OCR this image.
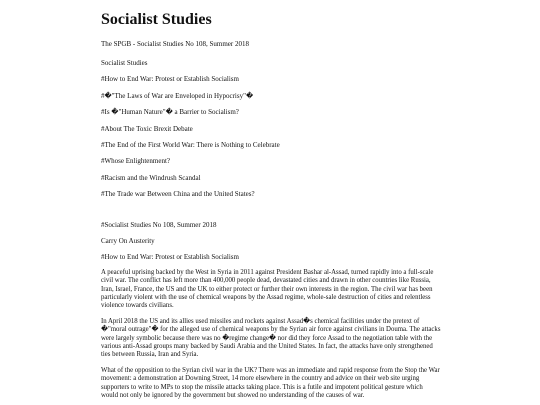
Socialist Studies
The SPGB - Socialist Studies No 108, Summer 2018
Socialist Studies
#How to End War: Protest or Establish Socialism
#�"The Laws of War are Enveloped in Hypocrisy"�
#Is �"Human Nature"� a Barrier to Socialism?
#About The Toxic Brexit Debate
#The End of the First World War: There is Nothing to Celebrate
#Whose Enlightenment?
#Racism and the Windrush Scandal
#The Trade war Between China and the United States?
#Socialist Studies No 108, Summer 2018
Carry On Austerity
#How to End War: Protest or Establish Socialism

A peaceful uprising backed by the West in Syria in 2011 against President Bashar al-Assad, turned rapidly into a full-scale civil war. The conflict has left more than 400,000 people dead, devastated cities and drawn in other countries like Russia, Iran, Israel, France, the US and the UK to either protect or further their own interests in the region. The civil war has been particularly violent with the use of chemical weapons by the Assad regime, whole-sale destruction of cities and relentless violence towards civilians.

In April 2018 the US and its allies used missiles and rockets against Assad�s chemical facilities under the pretext of �"moral outrage"� for the alleged use of chemical weapons by the Syrian air force against civilians in Douma. The attacks were largely symbolic because there was no �regime change� nor did they force Assad to the negotiation table with the various anti-Assad groups many backed by Saudi Arabia and the United States. In fact, the attacks have only strengthened ties between Russia, Iran and Syria.

What of the opposition to the Syrian civil war in the UK? There was an immediate and rapid response from the Stop the War movement: a demonstration at Downing Street, 14 more elsewhere in the country and advice on their web site urging supporters to write to MPs to stop the missile attacks taking place. This is a futile and impotent political gesture which would not only be ignored by the government but showed no understanding of the causes of war.
